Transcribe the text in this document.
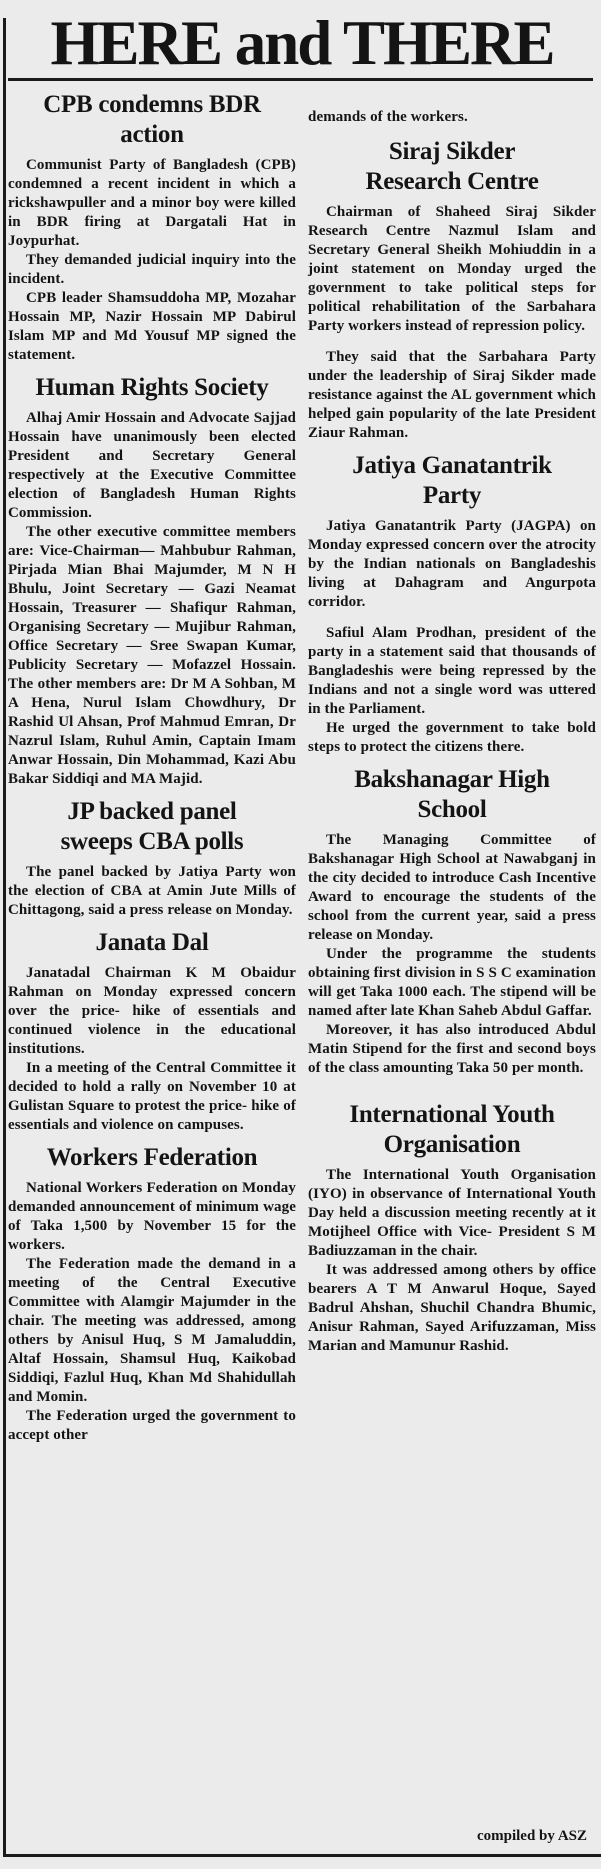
HERE and THERE
CPB condemns BDR action

Communist Party of Bangladesh (CPB) condemned a recent incident in which a rickshawpuller and a minor boy were killed in BDR firing at Dargatali Hat in Joypurhat.

They demanded judicial inquiry into the incident.

CPB leader Shamsuddoha MP, Mozahar Hossain MP, Nazir Hossain MP Dabirul Islam MP and Md Yousuf MP signed the statement.

Human Rights Society

Alhaj Amir Hossain and Advocate Sajjad Hossain have unanimously been elected President and Secretary General respectively at the Executive Committee election of Bangladesh Human Rights Commission.

The other executive committee members are: Vice-Chairman— Mahbubur Rahman, Pirjada Mian Bhai Majumder, M N H Bhulu, Joint Secretary — Gazi Neamat Hossain, Treasurer — Shafiqur Rahman, Organising Secretary — Mujibur Rahman, Office Secretary — Sree Swapan Kumar, Publicity Secretary — Mofazzel Hossain. The other members are: Dr M A Sohban, M A Hena, Nurul Islam Chowdhury, Dr Rashid Ul Ahsan, Prof Mahmud Emran, Dr Nazrul Islam, Ruhul Amin, Captain Imam Anwar Hossain, Din Mohammad, Kazi Abu Bakar Siddiqi and MA Majid.

JP backed panel sweeps CBA polls

The panel backed by Jatiya Party won the election of CBA at Amin Jute Mills of Chittagong, said a press release on Monday.

Janata Dal

Janatadal Chairman K M Obaidur Rahman on Monday expressed concern over the price- hike of essentials and continued violence in the educational institutions.

In a meeting of the Central Committee it decided to hold a rally on November 10 at Gulistan Square to protest the price- hike of essentials and violence on campuses.

Workers Federation

National Workers Federation on Monday demanded announcement of minimum wage of Taka 1,500 by November 15 for the workers.

The Federation made the demand in a meeting of the Central Executive Committee with Alamgir Majumder in the chair. The meeting was addressed, among others by Anisul Huq, S M Jamaluddin, Altaf Hossain, Shamsul Huq, Kaikobad Siddiqi, Fazlul Huq, Khan Md Shahidullah and Momin.

The Federation urged the government to accept other

demands of the workers.

Siraj Sikder Research Centre

Chairman of Shaheed Siraj Sikder Research Centre Nazmul Islam and Secretary General Sheikh Mohiuddin in a joint statement on Monday urged the government to take political steps for political rehabilitation of the Sarbahara Party workers instead of repression policy.

They said that the Sarbahara Party under the leadership of Siraj Sikder made resistance against the AL government which helped gain popularity of the late President Ziaur Rahman.

Jatiya Ganatantrik Party

Jatiya Ganatantrik Party (JAGPA) on Monday expressed concern over the atrocity by the Indian nationals on Bangladeshis living at Dahagram and Angurpota corridor.

Safiul Alam Prodhan, president of the party in a statement said that thousands of Bangladeshis were being repressed by the Indians and not a single word was uttered in the Parliament.

He urged the government to take bold steps to protect the citizens there.

Bakshanagar High School

The Managing Committee of Bakshanagar High School at Nawabganj in the city decided to introduce Cash Incentive Award to encourage the students of the school from the current year, said a press release on Monday.

Under the programme the students obtaining first division in S S C examination will get Taka 1000 each. The stipend will be named after late Khan Saheb Abdul Gaffar.

Moreover, it has also introduced Abdul Matin Stipend for the first and second boys of the class amounting Taka 50 per month.

International Youth Organisation

The International Youth Organisation (IYO) in observance of International Youth Day held a discussion meeting recently at it Motijheel Office with Vice- President S M Badiuzzaman in the chair.

It was addressed among others by office bearers A T M Anwarul Hoque, Sayed Badrul Ahshan, Shuchil Chandra Bhumic, Anisur Rahman, Sayed Arifuzzaman, Miss Marian and Mamunur Rashid.

compiled by ASZ
